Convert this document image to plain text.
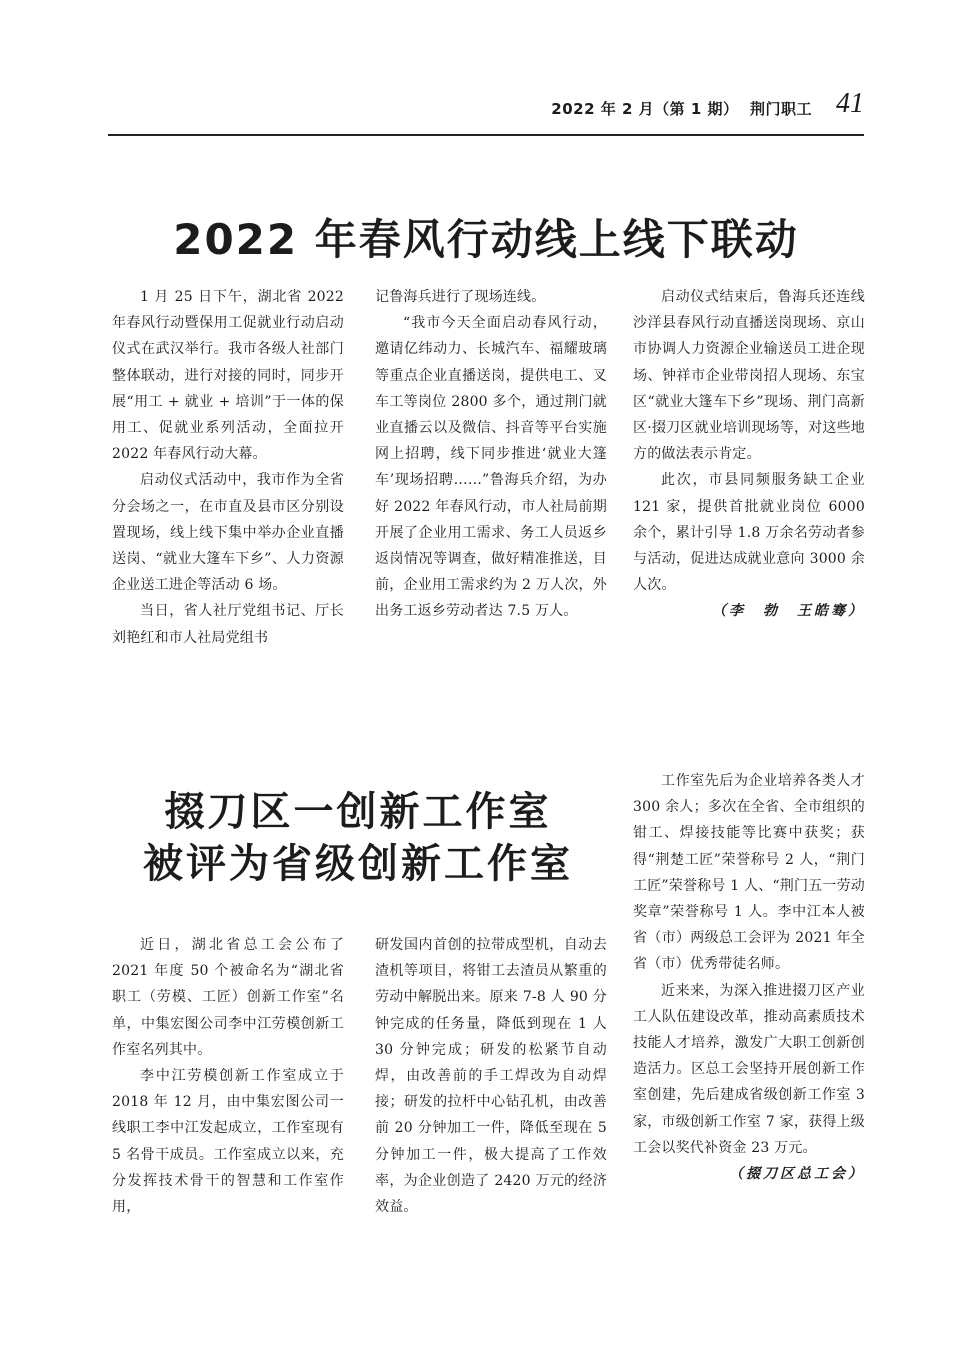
2022 年 2 月（第 1 期） 荆门职工 41
2022 年春风行动线上线下联动

1 月 25 日下午，湖北省 2022 年春风行动暨保用工促就业行动启动仪式在武汉举行。我市各级人社部门整体联动，进行对接的同时，同步开展“用工 + 就业 + 培训”于一体的保用工、促就业系列活动，全面拉开 2022 年春风行动大幕。

启动仪式活动中，我市作为全省分会场之一，在市直及县市区分别设置现场，线上线下集中举办企业直播送岗、“就业大篷车下乡”、人力资源企业送工进企等活动 6 场。

当日，省人社厅党组书记、厅长刘艳红和市人社局党组书

记鲁海兵进行了现场连线。

“我市今天全面启动春风行动，邀请亿纬动力、长城汽车、福耀玻璃等重点企业直播送岗，提供电工、叉车工等岗位 2800 多个，通过荆门就业直播云以及微信、抖音等平台实施网上招聘，线下同步推进‘就业大篷车’现场招聘……”鲁海兵介绍，为办好 2022 年春风行动，市人社局前期开展了企业用工需求、务工人员返乡返岗情况等调查，做好精准推送，目前，企业用工需求约为 2 万人次，外出务工返乡劳动者达 7.5 万人。

启动仪式结束后，鲁海兵还连线沙洋县春风行动直播送岗现场、京山市协调人力资源企业输送员工进企现场、钟祥市企业带岗招人现场、东宝区“就业大篷车下乡”现场、荆门高新区·掇刀区就业培训现场等，对这些地方的做法表示肯定。

此次，市县同频服务缺工企业 121 家，提供首批就业岗位 6000 余个，累计引导 1.8 万余名劳动者参与活动，促进达成就业意向 3000 余人次。

（李　勃　王皓骞）
掇刀区一创新工作室
被评为省级创新工作室

近日，湖北省总工会公布了 2021 年度 50 个被命名为“湖北省职工（劳模、工匠）创新工作室”名单，中集宏图公司李中江劳模创新工作室名列其中。

李中江劳模创新工作室成立于 2018 年 12 月，由中集宏图公司一线职工李中江发起成立，工作室现有 5 名骨干成员。工作室成立以来，充分发挥技术骨干的智慧和工作室作用，

研发国内首创的拉带成型机，自动去渣机等项目，将钳工去渣员从繁重的劳动中解脱出来。原来 7-8 人 90 分钟完成的任务量，降低到现在 1 人 30 分钟完成；研发的松紧节自动焊，由改善前的手工焊改为自动焊接；研发的拉杆中心钻孔机，由改善前 20 分钟加工一件，降低至现在 5 分钟加工一件，极大提高了工作效率，为企业创造了 2420 万元的经济效益。

工作室先后为企业培养各类人才 300 余人；多次在全省、全市组织的钳工、焊接技能等比赛中获奖；获得“荆楚工匠”荣誉称号 2 人，“荆门工匠”荣誉称号 1 人、“荆门五一劳动奖章”荣誉称号 1 人。李中江本人被省（市）两级总工会评为 2021 年全省（市）优秀带徒名师。

近来来，为深入推进掇刀区产业工人队伍建设改革，推动高素质技术技能人才培养，激发广大职工创新创造活力。区总工会坚持开展创新工作室创建，先后建成省级创新工作室 3 家，市级创新工作室 7 家，获得上级工会以奖代补资金 23 万元。
（掇刀区总工会）
